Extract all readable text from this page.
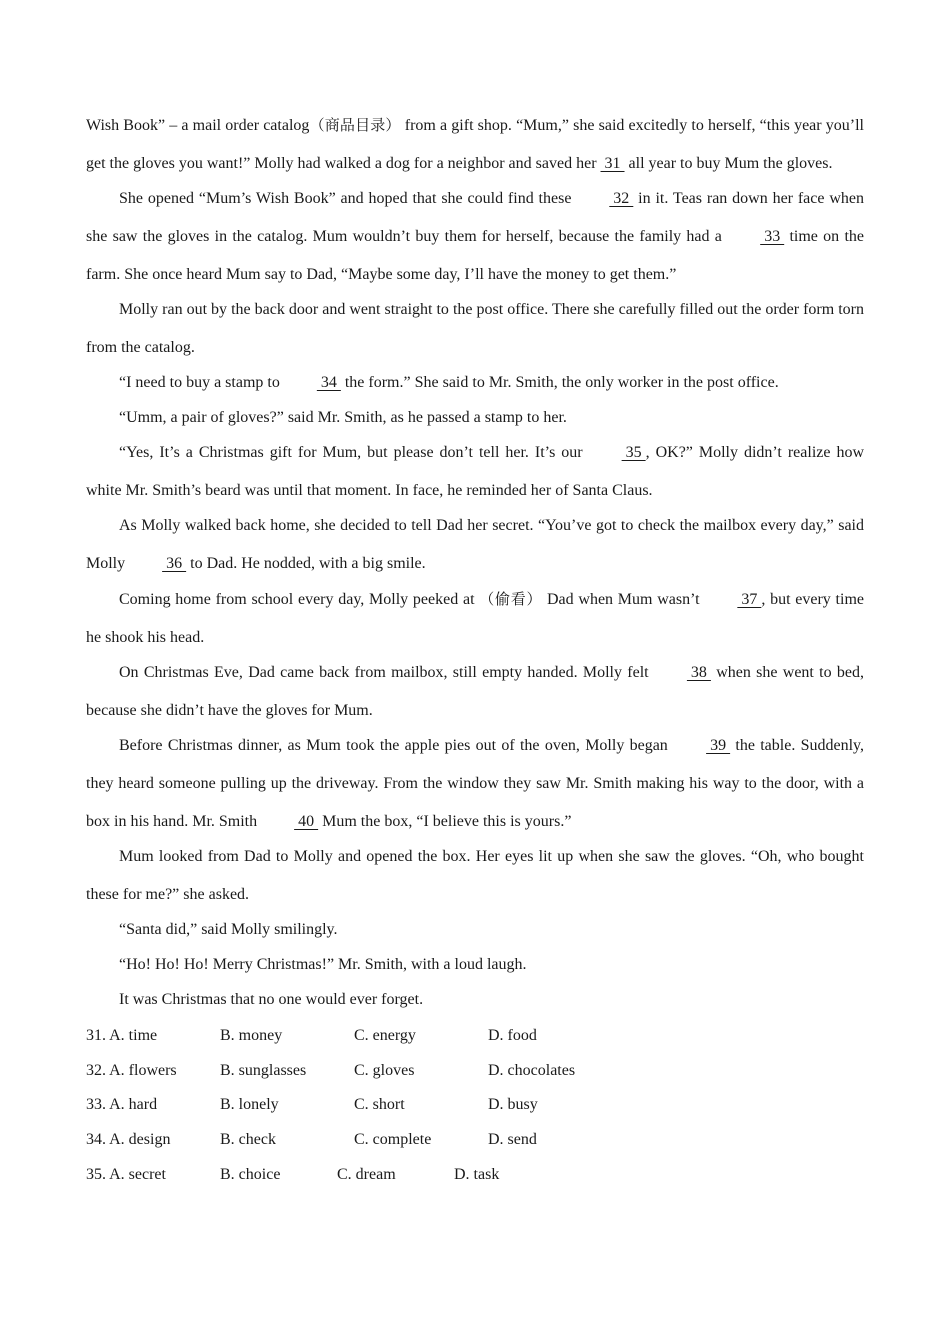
Wish Book” – a mail order catalog（商品目录） from a gift shop. “Mum,” she said excitedly to herself, “this year you’ll get the gloves you want!” Molly had walked a dog for a neighbor and saved her  31  all year to buy Mum the gloves.

She opened “Mum’s Wish Book” and hoped that she could find these  32  in it. Teas ran down her face when she saw the gloves in the catalog. Mum wouldn’t buy them for herself, because the family had a  33  time on the farm. She once heard Mum say to Dad, “Maybe some day, I’ll have the money to get them.”

Molly ran out by the back door and went straight to the post office. There she carefully filled out the order form torn from the catalog.

“I need to buy a stamp to  34  the form.” She said to Mr. Smith, the only worker in the post office.

“Umm, a pair of gloves?” said Mr. Smith, as he passed a stamp to her.

“Yes, It’s a Christmas gift for Mum, but please don’t tell her. It’s our  35 , OK?” Molly didn’t realize how white Mr. Smith’s beard was until that moment. In face, he reminded her of Santa Claus.

As Molly walked back home, she decided to tell Dad her secret. “You’ve got to check the mailbox every day,” said Molly  36  to Dad. He nodded, with a big smile.

Coming home from school every day, Molly peeked at （偷看） Dad when Mum wasn’t  37 , but every time he shook his head.

On Christmas Eve, Dad came back from mailbox, still empty handed. Molly felt  38  when she went to bed, because she didn’t have the gloves for Mum.

Before Christmas dinner, as Mum took the apple pies out of the oven, Molly began  39  the table. Suddenly, they heard someone pulling up the driveway. From the window they saw Mr. Smith making his way to the door, with a box in his hand. Mr. Smith  40  Mum the box, “I believe this is yours.”

Mum looked from Dad to Molly and opened the box. Her eyes lit up when she saw the gloves. “Oh, who bought these for me?” she asked.

“Santa did,” said Molly smilingly.

“Ho! Ho! Ho! Merry Christmas!” Mr. Smith, with a loud laugh.

It was Christmas that no one would ever forget.

31. A. time	B. money	C. energy	D. food
32. A. flowers	B. sunglasses	C. gloves	D. chocolates
33. A. hard	B. lonely	C. short	D. busy
34. A. design	B. check	C. complete	D. send
35. A. secret	B. choice	C. dream	D. task
